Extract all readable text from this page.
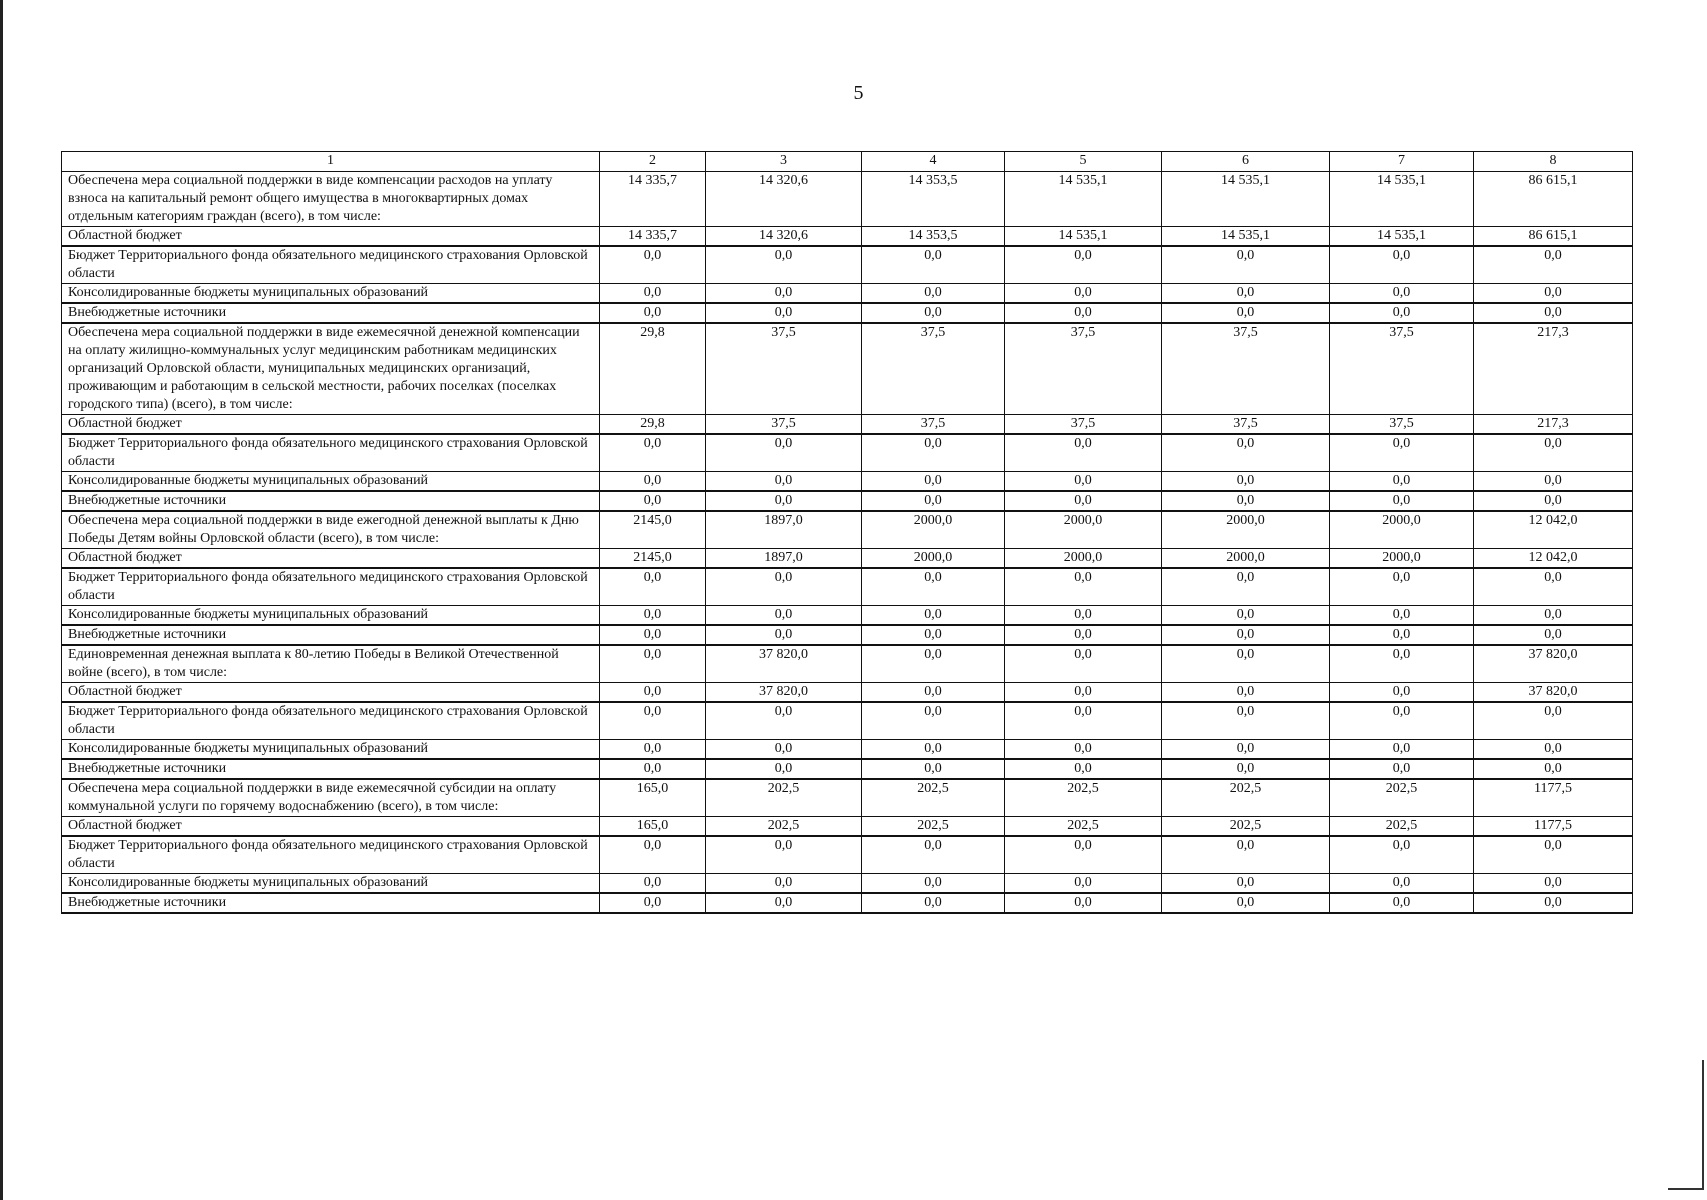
5
1	2	3	4	5	6	7	8
Обеспечена мера социальной поддержки в виде компенсации расходов на уплату взноса на капитальный ремонт общего имущества в многоквартирных домах отдельным категориям граждан (всего), в том числе:	14 335,7	14 320,6	14 353,5	14 535,1	14 535,1	14 535,1	86 615,1
Областной бюджет	14 335,7	14 320,6	14 353,5	14 535,1	14 535,1	14 535,1	86 615,1
Бюджет Территориального фонда обязательного медицинского страхования Орловской области	0,0	0,0	0,0	0,0	0,0	0,0	0,0
Консолидированные бюджеты муниципальных образований	0,0	0,0	0,0	0,0	0,0	0,0	0,0
Внебюджетные источники	0,0	0,0	0,0	0,0	0,0	0,0	0,0
Обеспечена мера социальной поддержки в виде ежемесячной денежной компенсации на оплату жилищно-коммунальных услуг медицинским работникам медицинских организаций Орловской области, муниципальных медицинских организаций, проживающим и работающим в сельской местности, рабочих поселках (поселках городского типа) (всего), в том числе:	29,8	37,5	37,5	37,5	37,5	37,5	217,3
Областной бюджет	29,8	37,5	37,5	37,5	37,5	37,5	217,3
Бюджет Территориального фонда обязательного медицинского страхования Орловской области	0,0	0,0	0,0	0,0	0,0	0,0	0,0
Консолидированные бюджеты муниципальных образований	0,0	0,0	0,0	0,0	0,0	0,0	0,0
Внебюджетные источники	0,0	0,0	0,0	0,0	0,0	0,0	0,0
Обеспечена мера социальной поддержки в виде ежегодной денежной выплаты к Дню Победы Детям войны Орловской области (всего), в том числе:	2145,0	1897,0	2000,0	2000,0	2000,0	2000,0	12 042,0
Областной бюджет	2145,0	1897,0	2000,0	2000,0	2000,0	2000,0	12 042,0
Бюджет Территориального фонда обязательного медицинского страхования Орловской области	0,0	0,0	0,0	0,0	0,0	0,0	0,0
Консолидированные бюджеты муниципальных образований	0,0	0,0	0,0	0,0	0,0	0,0	0,0
Внебюджетные источники	0,0	0,0	0,0	0,0	0,0	0,0	0,0
Единовременная денежная выплата к 80-летию Победы в Великой Отечественной войне (всего), в том числе:	0,0	37 820,0	0,0	0,0	0,0	0,0	37 820,0
Областной бюджет	0,0	37 820,0	0,0	0,0	0,0	0,0	37 820,0
Бюджет Территориального фонда обязательного медицинского страхования Орловской области	0,0	0,0	0,0	0,0	0,0	0,0	0,0
Консолидированные бюджеты муниципальных образований	0,0	0,0	0,0	0,0	0,0	0,0	0,0
Внебюджетные источники	0,0	0,0	0,0	0,0	0,0	0,0	0,0
Обеспечена мера социальной поддержки в виде ежемесячной субсидии на оплату коммунальной услуги по горячему водоснабжению (всего), в том числе:	165,0	202,5	202,5	202,5	202,5	202,5	1177,5
Областной бюджет	165,0	202,5	202,5	202,5	202,5	202,5	1177,5
Бюджет Территориального фонда обязательного медицинского страхования Орловской области	0,0	0,0	0,0	0,0	0,0	0,0	0,0
Консолидированные бюджеты муниципальных образований	0,0	0,0	0,0	0,0	0,0	0,0	0,0
Внебюджетные источники	0,0	0,0	0,0	0,0	0,0	0,0	0,0
